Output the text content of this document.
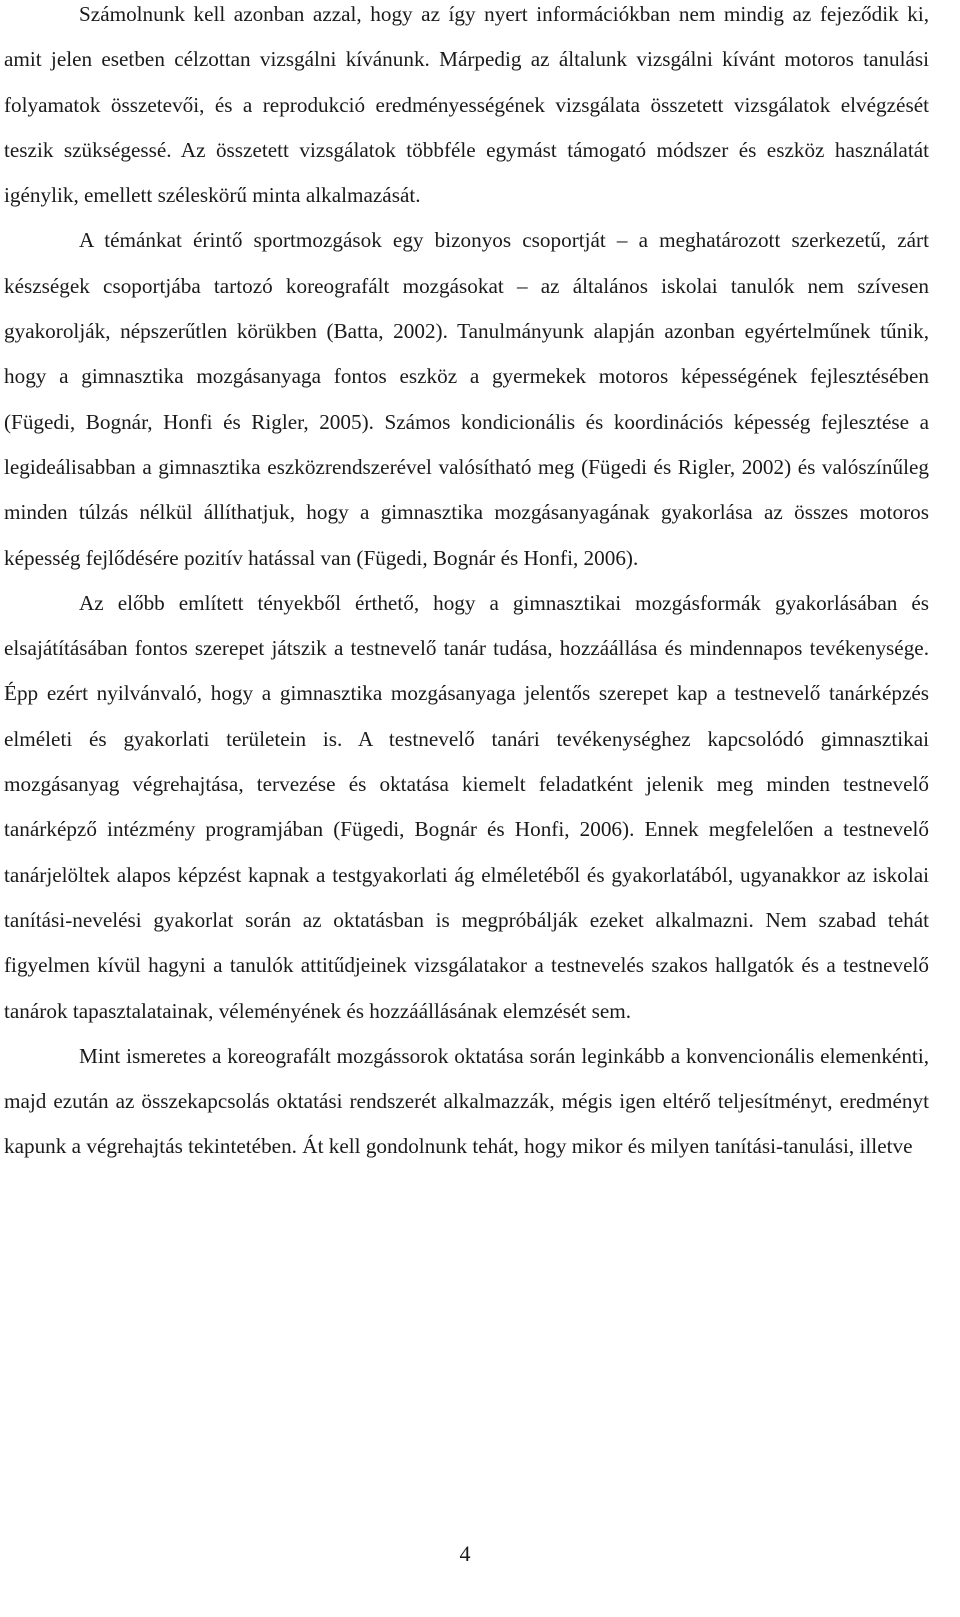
Számolnunk kell azonban azzal, hogy az így nyert információkban nem mindig az fejeződik ki, amit jelen esetben célzottan vizsgálni kívánunk. Márpedig az általunk vizsgálni kívánt motoros tanulási folyamatok összetevői, és a reprodukció eredményességének vizsgálata összetett vizsgálatok elvégzését teszik szükségessé. Az összetett vizsgálatok többféle egymást támogató módszer és eszköz használatát igénylik, emellett széleskörű minta alkalmazását.

A témánkat érintő sportmozgások egy bizonyos csoportját – a meghatározott szerkezetű, zárt készségek csoportjába tartozó koreografált mozgásokat – az általános iskolai tanulók nem szívesen gyakorolják, népszerűtlen körükben (Batta, 2002). Tanulmányunk alapján azonban egyértelműnek tűnik, hogy a gimnasztika mozgásanyaga fontos eszköz a gyermekek motoros képességének fejlesztésében (Fügedi, Bognár, Honfi és Rigler, 2005). Számos kondicionális és koordinációs képesség fejlesztése a legideálisabban a gimnasztika eszközrendszerével valósítható meg (Fügedi és Rigler, 2002) és valószínűleg minden túlzás nélkül állíthatjuk, hogy a gimnasztika mozgásanyagának gyakorlása az összes motoros képesség fejlődésére pozitív hatással van (Fügedi, Bognár és Honfi, 2006).

Az előbb említett tényekből érthető, hogy a gimnasztikai mozgásformák gyakorlásában és elsajátításában fontos szerepet játszik a testnevelő tanár tudása, hozzáállása és mindennapos tevékenysége. Épp ezért nyilvánvaló, hogy a gimnasztika mozgásanyaga jelentős szerepet kap a testnevelő tanárképzés elméleti és gyakorlati területein is. A testnevelő tanári tevékenységhez kapcsolódó gimnasztikai mozgásanyag végrehajtása, tervezése és oktatása kiemelt feladatként jelenik meg minden testnevelő tanárképző intézmény programjában (Fügedi, Bognár és Honfi, 2006). Ennek megfelelően a testnevelő tanárjelöltek alapos képzést kapnak a testgyakorlati ág elméletéből és gyakorlatából, ugyanakkor az iskolai tanítási-nevelési gyakorlat során az oktatásban is megpróbálják ezeket alkalmazni. Nem szabad tehát figyelmen kívül hagyni a tanulók attitűdjeinek vizsgálatakor a testnevelés szakos hallgatók és a testnevelő tanárok tapasztalatainak, véleményének és hozzáállásának elemzését sem.

Mint ismeretes a koreografált mozgássorok oktatása során leginkább a konvencionális elemenkénti, majd ezután az összekapcsolás oktatási rendszerét alkalmazzák, mégis igen eltérő teljesítményt, eredményt kapunk a végrehajtás tekintetében. Át kell gondolnunk tehát, hogy mikor és milyen tanítási-tanulási, illetve

4
